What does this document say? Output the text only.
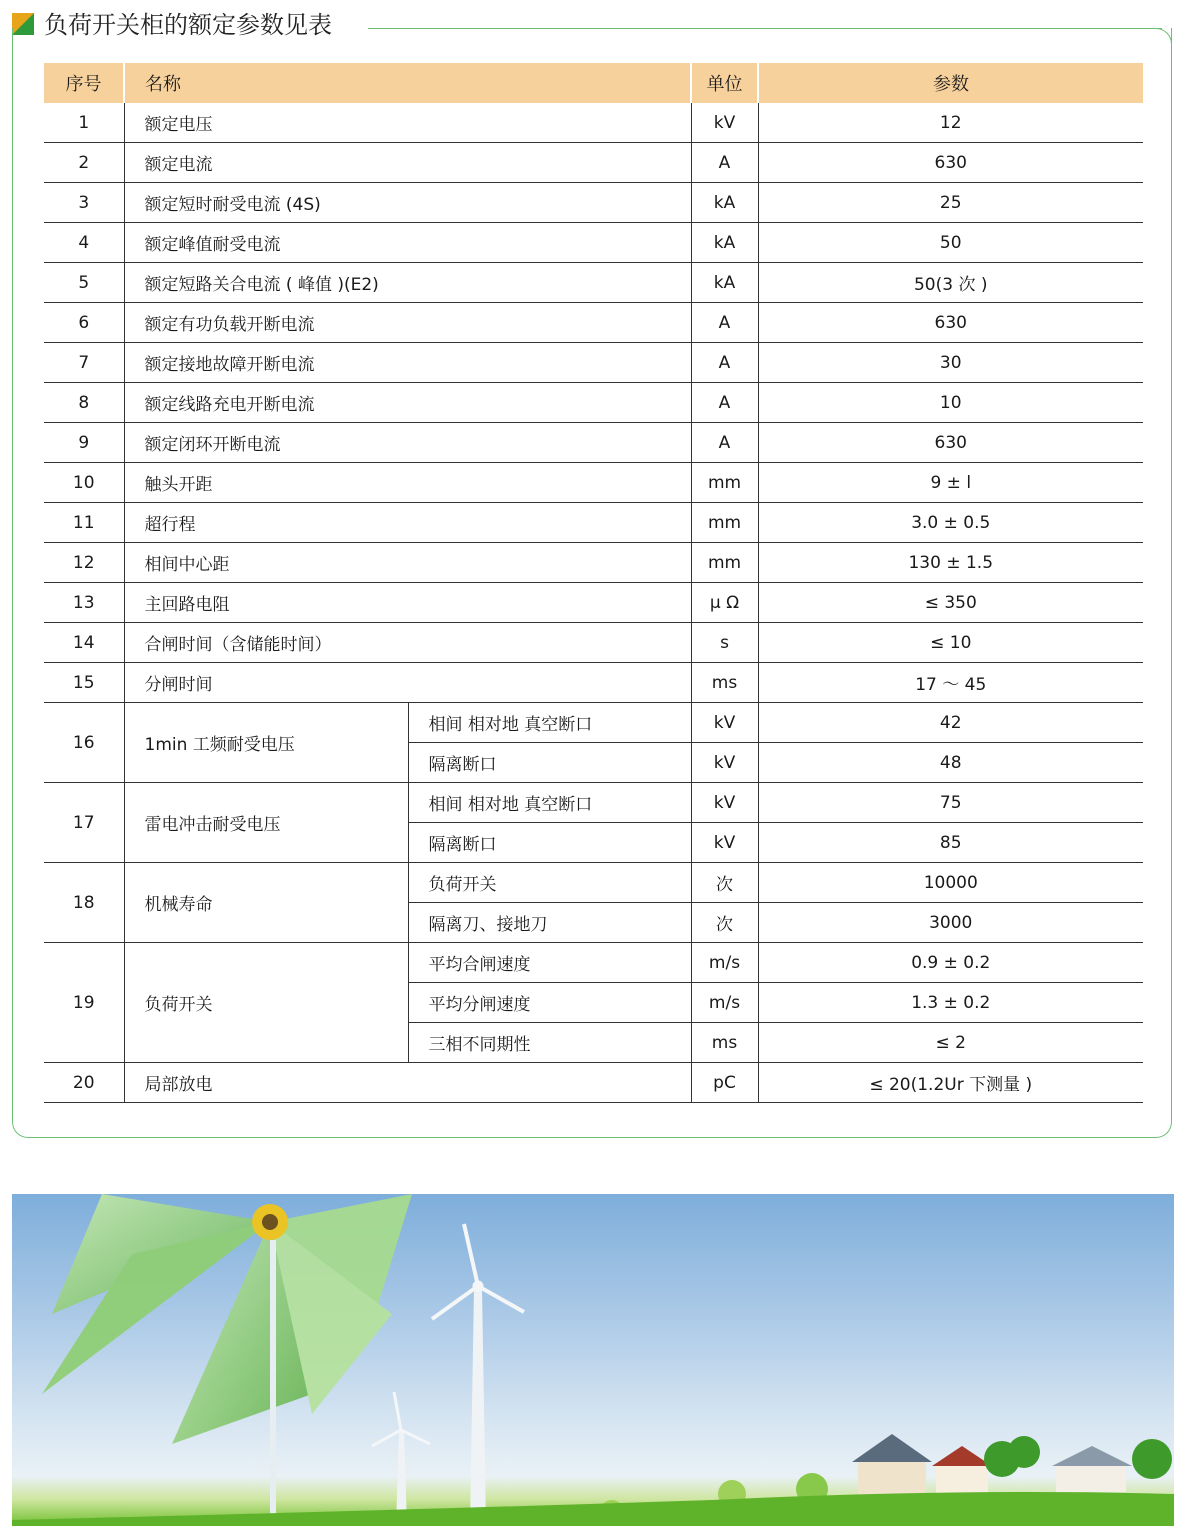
负荷开关柜的额定参数见表
序号	名称		单位	参数
1	额定电压		kV	12
2	额定电流		A	630
3	额定短时耐受电流 (4S)		kA	25
4	额定峰值耐受电流		kA	50
5	额定短路关合电流 ( 峰值 )(E2)		kA	50(3 次 )
6	额定有功负载开断电流		A	630
7	额定接地故障开断电流		A	30
8	额定线路充电开断电流		A	10
9	额定闭环开断电流		A	630
10	触头开距		mm	9 ± l
11	超行程		mm	3.0 ± 0.5
12	相间中心距		mm	130 ± 1.5
13	主回路电阻		μ Ω	≤ 350
14	合闸时间（含储能时间）		s	≤ 10
15	分闸时间		ms	17 ～ 45
16	1min 工频耐受电压	相间 相对地 真空断口	kV	42
		隔离断口	kV	48
17	雷电冲击耐受电压	相间 相对地 真空断口	kV	75
		隔离断口	kV	85
18	机械寿命	负荷开关	次	10000
		隔离刀、接地刀	次	3000
19	负荷开关	平均合闸速度	m/s	0.9 ± 0.2
		平均分闸速度	m/s	1.3 ± 0.2
		三相不同期性	ms	≤ 2
20	局部放电		pC	≤ 20(1.2Ur 下测量 )
